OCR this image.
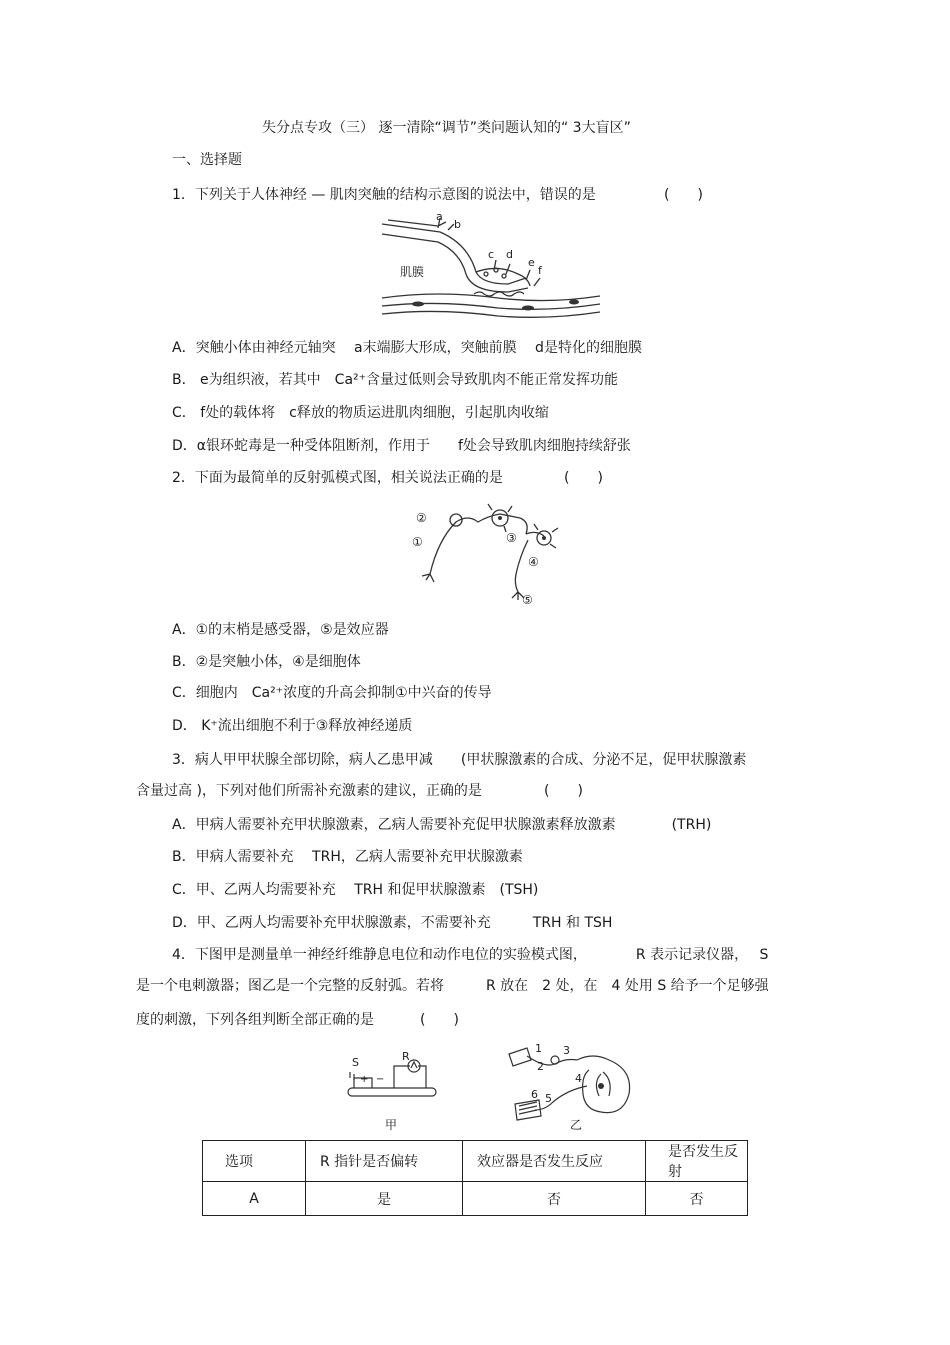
失分点专攻（三） 逐一清除“调节”类问题认知的“ 3大盲区”
一、选择题
1．下列关于人体神经 — 肌肉突触的结构示意图的说法中，错误的是	(　　)
a
b
c d
e
f
肌膜
A．突触小体由神经元轴突　 a末端膨大形成，突触前膜　 d是特化的细胞膜
B． e为组织液，若其中　Ca²⁺含量过低则会导致肌肉不能正常发挥功能
C． f处的载体将　c释放的物质运进肌肉细胞，引起肌肉收缩
D．α银环蛇毒是一种受体阻断剂，作用于　　f处会导致肌肉细胞持续舒张
2．下面为最简单的反射弧模式图，相关说法正确的是	(　　)
②
①	③
④
⑤
A．①的末梢是感受器，⑤是效应器
B．②是突触小体，④是细胞体
C．细胞内　Ca²⁺浓度的升高会抑制①中兴奋的传导
D． K⁺流出细胞不利于③释放神经递质
3．病人甲甲状腺全部切除，病人乙患甲减　　(甲状腺激素的合成、分泌不足，促甲状腺激素
含量过高 )，下列对他们所需补充激素的建议，正确的是	(　　)
A．甲病人需要补充甲状腺激素，乙病人需要补充促甲状腺激素释放激素　　　　(TRH)
B．甲病人需要补充　 TRH，乙病人需要补充甲状腺激素
C．甲、乙两人均需要补充　 TRH 和促甲状腺激素　(TSH)
D．甲、乙两人均需要补充甲状腺激素，不需要补充　　　TRH 和 TSH
4．下图甲是测量单一神经纤维静息电位和动作电位的实验模式图，　　　　R 表示记录仪器，　 S
是一个电刺激器；图乙是一个完整的反射弧。若将　　　R 放在　2 处，在　4 处用 S 给予一个足够强
度的刺激，下列各组判断全部正确的是	(　　)
S	R
+ −
甲
1
2
3
4
5
6
乙
选项	R 指针是否偏转	效应器是否发生反应	是否发生反射
A	是	否	否
